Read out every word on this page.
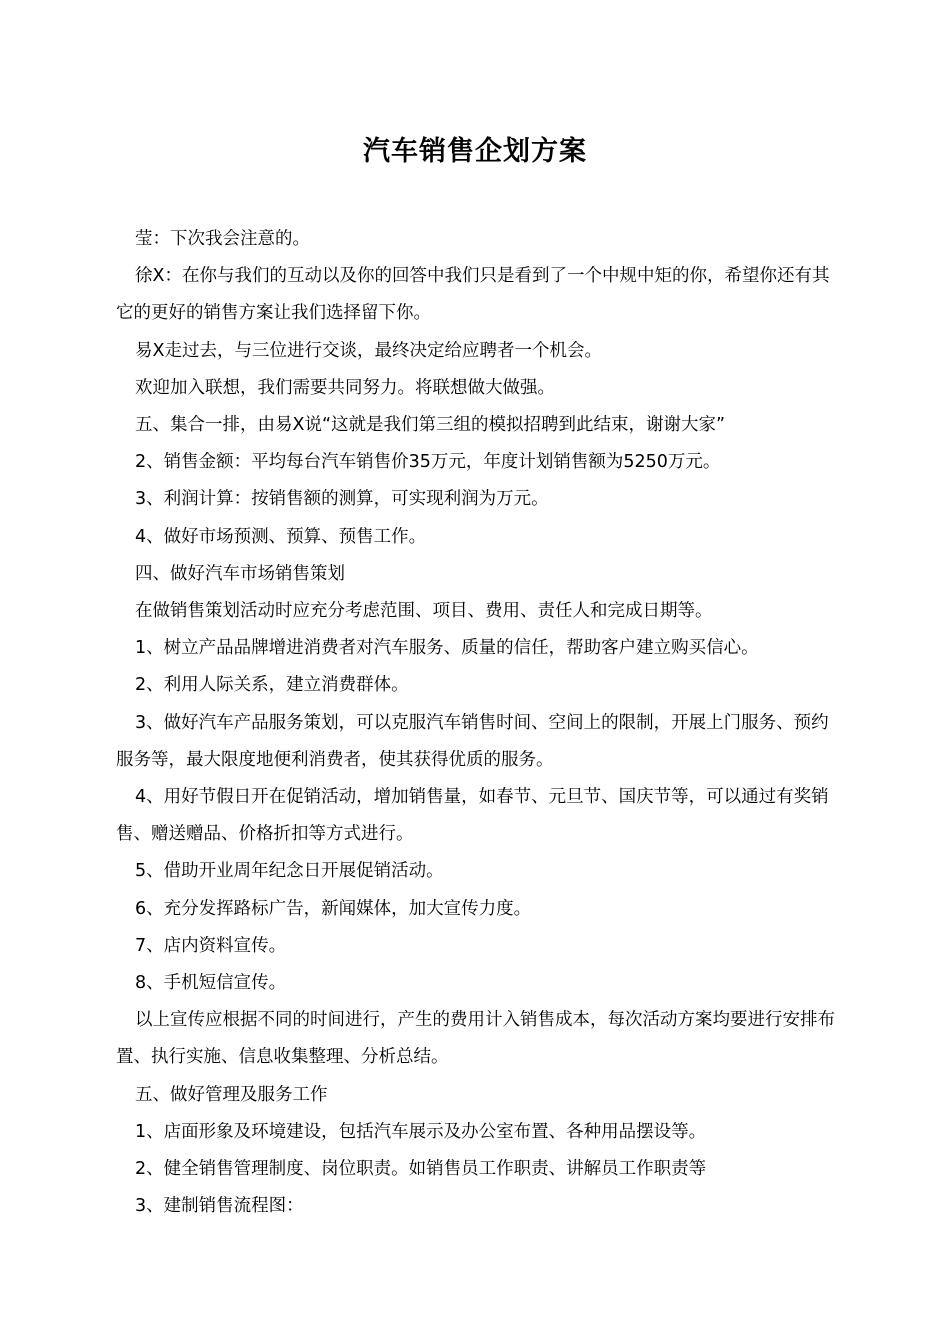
汽车销售企划方案

莹：下次我会注意的。

徐X：在你与我们的互动以及你的回答中我们只是看到了一个中规中矩的你，希望你还有其它的更好的销售方案让我们选择留下你。

易X走过去，与三位进行交谈，最终决定给应聘者一个机会。

欢迎加入联想，我们需要共同努力。将联想做大做强。

五、集合一排，由易X说“这就是我们第三组的模拟招聘到此结束，谢谢大家”

2、销售金额：平均每台汽车销售价35万元，年度计划销售额为5250万元。

3、利润计算：按销售额的测算，可实现利润为万元。

4、做好市场预测、预算、预售工作。

四、做好汽车市场销售策划

在做销售策划活动时应充分考虑范围、项目、费用、责任人和完成日期等。

1、树立产品品牌增进消费者对汽车服务、质量的信任，帮助客户建立购买信心。

2、利用人际关系，建立消费群体。

3、做好汽车产品服务策划，可以克服汽车销售时间、空间上的限制，开展上门服务、预约服务等，最大限度地便利消费者，使其获得优质的服务。

4、用好节假日开在促销活动，增加销售量，如春节、元旦节、国庆节等，可以通过有奖销售、赠送赠品、价格折扣等方式进行。

5、借助开业周年纪念日开展促销活动。

6、充分发挥路标广告，新闻媒体，加大宣传力度。

7、店内资料宣传。

8、手机短信宣传。

以上宣传应根据不同的时间进行，产生的费用计入销售成本，每次活动方案均要进行安排布置、执行实施、信息收集整理、分析总结。

五、做好管理及服务工作

1、店面形象及环境建设，包括汽车展示及办公室布置、各种用品摆设等。

2、健全销售管理制度、岗位职责。如销售员工作职责、讲解员工作职责等

3、建制销售流程图：
